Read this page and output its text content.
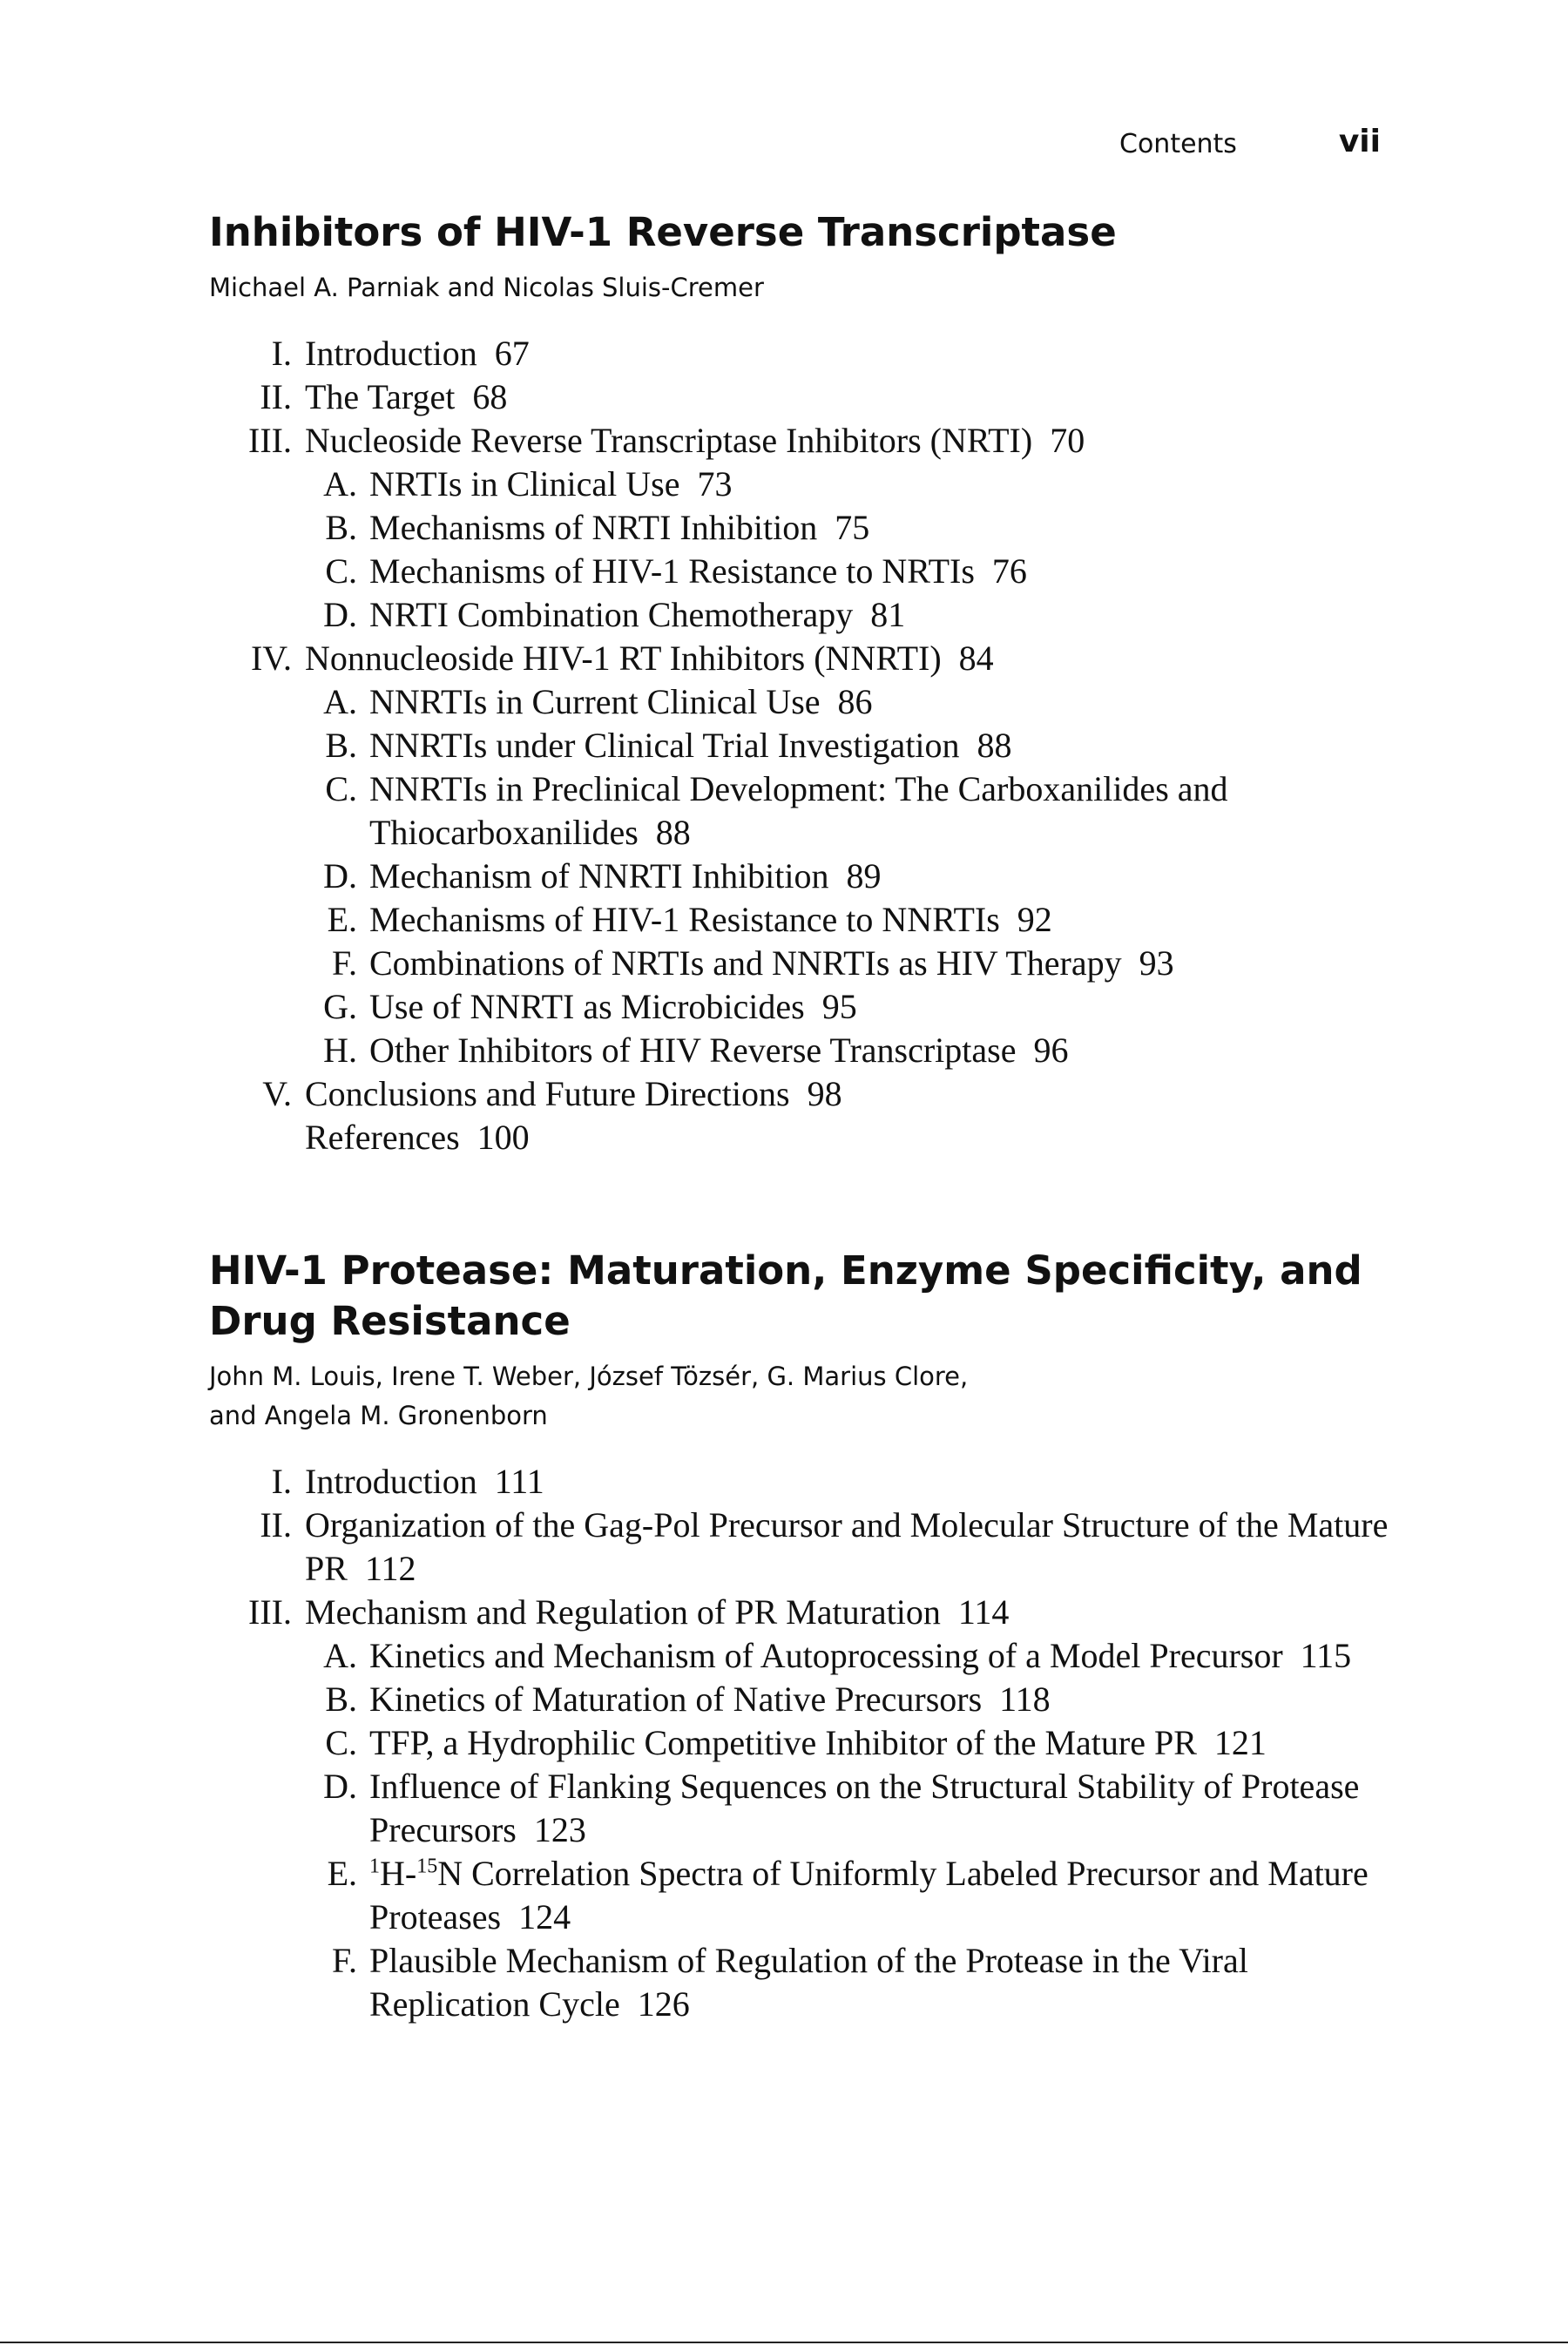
Contents	vii
Inhibitors of HIV-1 Reverse Transcriptase
Michael A. Parniak and Nicolas Sluis-Cremer
I. Introduction 67
II. The Target 68
III. Nucleoside Reverse Transcriptase Inhibitors (NRTI) 70
A. NRTIs in Clinical Use 73
B. Mechanisms of NRTI Inhibition 75
C. Mechanisms of HIV-1 Resistance to NRTIs 76
D. NRTI Combination Chemotherapy 81
IV. Nonnucleoside HIV-1 RT Inhibitors (NNRTI) 84
A. NNRTIs in Current Clinical Use 86
B. NNRTIs under Clinical Trial Investigation 88
C. NNRTIs in Preclinical Development: The Carboxanilides and Thiocarboxanilides 88
D. Mechanism of NNRTI Inhibition 89
E. Mechanisms of HIV-1 Resistance to NNRTIs 92
F. Combinations of NRTIs and NNRTIs as HIV Therapy 93
G. Use of NNRTI as Microbicides 95
H. Other Inhibitors of HIV Reverse Transcriptase 96
V. Conclusions and Future Directions 98
References 100
HIV-1 Protease: Maturation, Enzyme Specificity, and Drug Resistance
John M. Louis, Irene T. Weber, József Tözsér, G. Marius Clore,
and Angela M. Gronenborn
I. Introduction 111
II. Organization of the Gag-Pol Precursor and Molecular Structure of the Mature PR 112
III. Mechanism and Regulation of PR Maturation 114
A. Kinetics and Mechanism of Autoprocessing of a Model Precursor 115
B. Kinetics of Maturation of Native Precursors 118
C. TFP, a Hydrophilic Competitive Inhibitor of the Mature PR 121
D. Influence of Flanking Sequences on the Structural Stability of Protease Precursors 123
E. $^1$H-$^{15}$N Correlation Spectra of Uniformly Labeled Precursor and Mature Proteases 124
F. Plausible Mechanism of Regulation of the Protease in the Viral Replication Cycle 126
